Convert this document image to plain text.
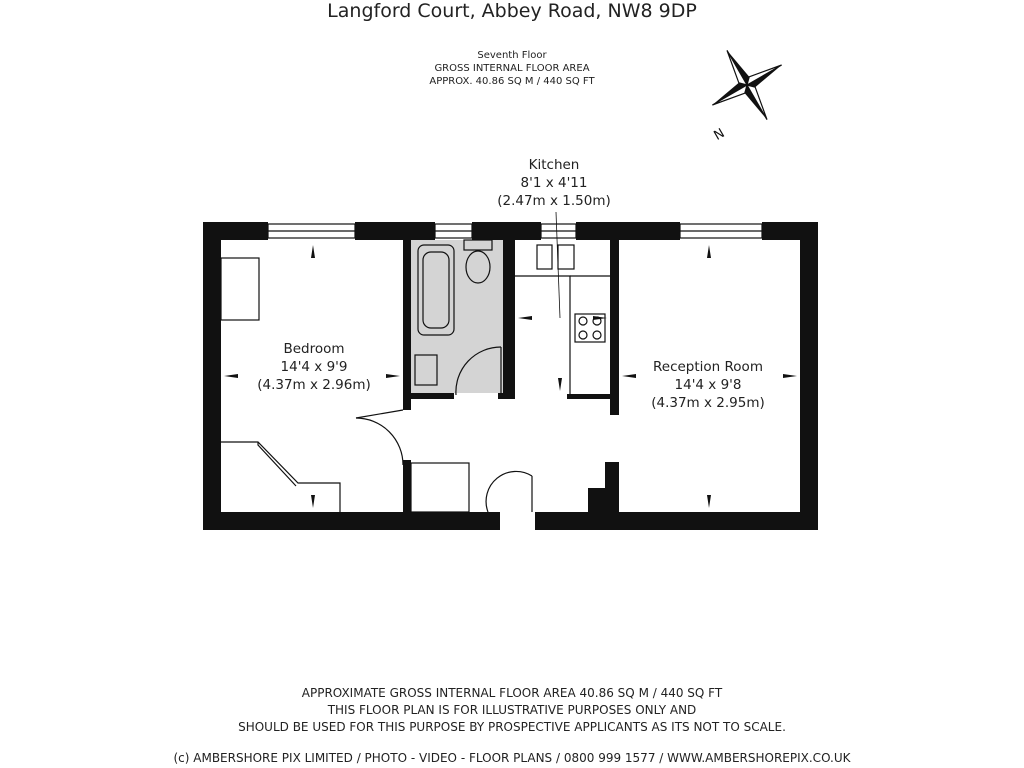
Langford Court, Abbey Road, NW8 9DP
Seventh Floor
GROSS INTERNAL FLOOR AREA
APPROX. 40.86 SQ M / 440 SQ FT
N
Bedroom
14'4 x 9'9
(4.37m x 2.96m)
Kitchen
8'1 x 4'11
(2.47m x 1.50m)
Reception Room
14'4 x 9'8
(4.37m x 2.95m)
APPROXIMATE GROSS INTERNAL FLOOR AREA 40.86 SQ M / 440 SQ FT
THIS FLOOR PLAN IS FOR ILLUSTRATIVE PURPOSES ONLY AND
SHOULD BE USED FOR THIS PURPOSE BY PROSPECTIVE APPLICANTS AS ITS NOT TO SCALE.
(c) AMBERSHORE PIX LIMITED / PHOTO - VIDEO - FLOOR PLANS / 0800 999 1577 / WWW.AMBERSHOREPIX.CO.UK
